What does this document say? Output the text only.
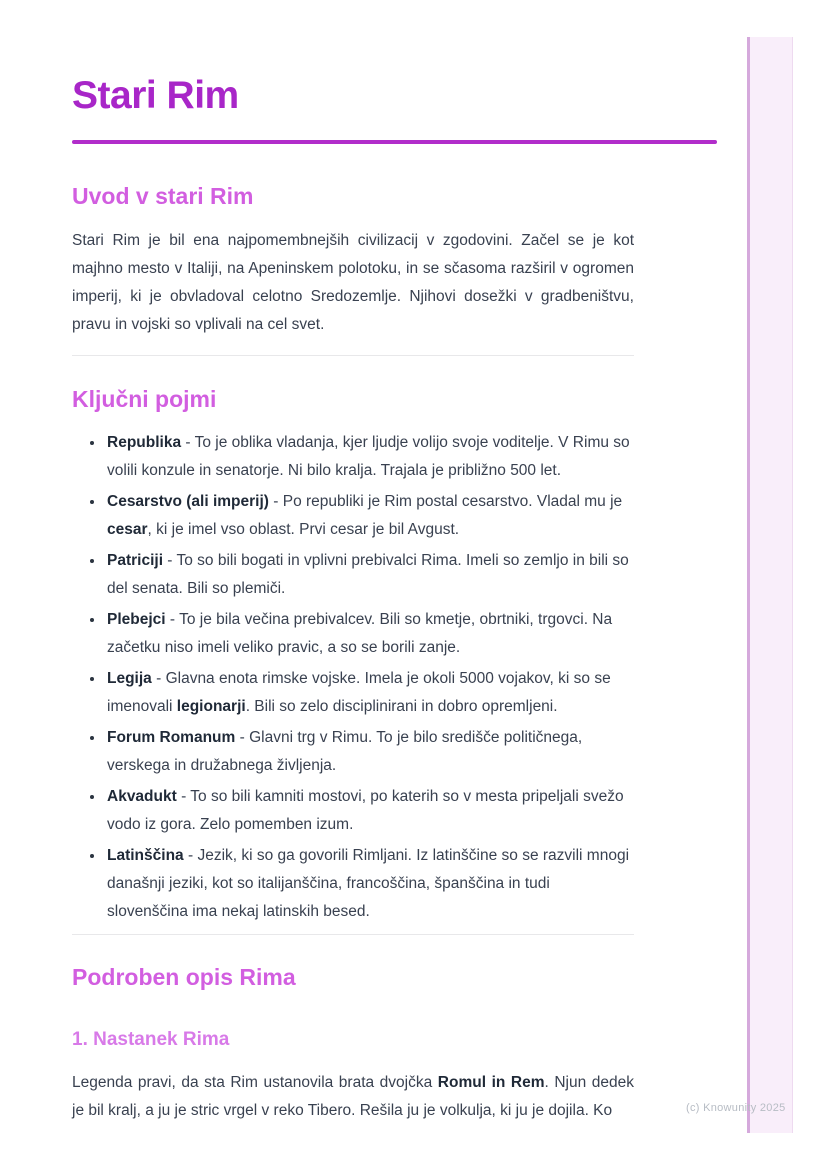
Stari Rim
Uvod v stari Rim

Stari Rim je bil ena najpomembnejših civilizacij v zgodovini. Začel se je kot majhno mesto v Italiji, na Apeninskem polotoku, in se sčasoma razširil v ogromen imperij, ki je obvladoval celotno Sredozemlje. Njihovi dosežki v gradbeništvu, pravu in vojski so vplivali na cel svet.

Ključni pojmi
• Republika - To je oblika vladanja, kjer ljudje volijo svoje voditelje. V Rimu so volili konzule in senatorje. Ni bilo kralja. Trajala je približno 500 let.
• Cesarstvo (ali imperij) - Po republiki je Rim postal cesarstvo. Vladal mu je cesar, ki je imel vso oblast. Prvi cesar je bil Avgust.
• Patriciji - To so bili bogati in vplivni prebivalci Rima. Imeli so zemljo in bili so del senata. Bili so plemiči.
• Plebejci - To je bila večina prebivalcev. Bili so kmetje, obrtniki, trgovci. Na začetku niso imeli veliko pravic, a so se borili zanje.
• Legija - Glavna enota rimske vojske. Imela je okoli 5000 vojakov, ki so se imenovali legionarji. Bili so zelo disciplinirani in dobro opremljeni.
• Forum Romanum - Glavni trg v Rimu. To je bilo središče političnega, verskega in družabnega življenja.
• Akvadukt - To so bili kamniti mostovi, po katerih so v mesta pripeljali svežo vodo iz gora. Zelo pomemben izum.
• Latinščina - Jezik, ki so ga govorili Rimljani. Iz latinščine so se razvili mnogi današnji jeziki, kot so italijanščina, francoščina, španščina in tudi slovenščina ima nekaj latinskih besed.
Podroben opis Rima
1. Nastanek Rima

Legenda pravi, da sta Rim ustanovila brata dvojčka Romul in Rem. Njun dedek je bil kralj, a ju je stric vrgel v reko Tibero. Rešila ju je volkulja, ki ju je dojila. Ko	(c) Knowunity 2025
